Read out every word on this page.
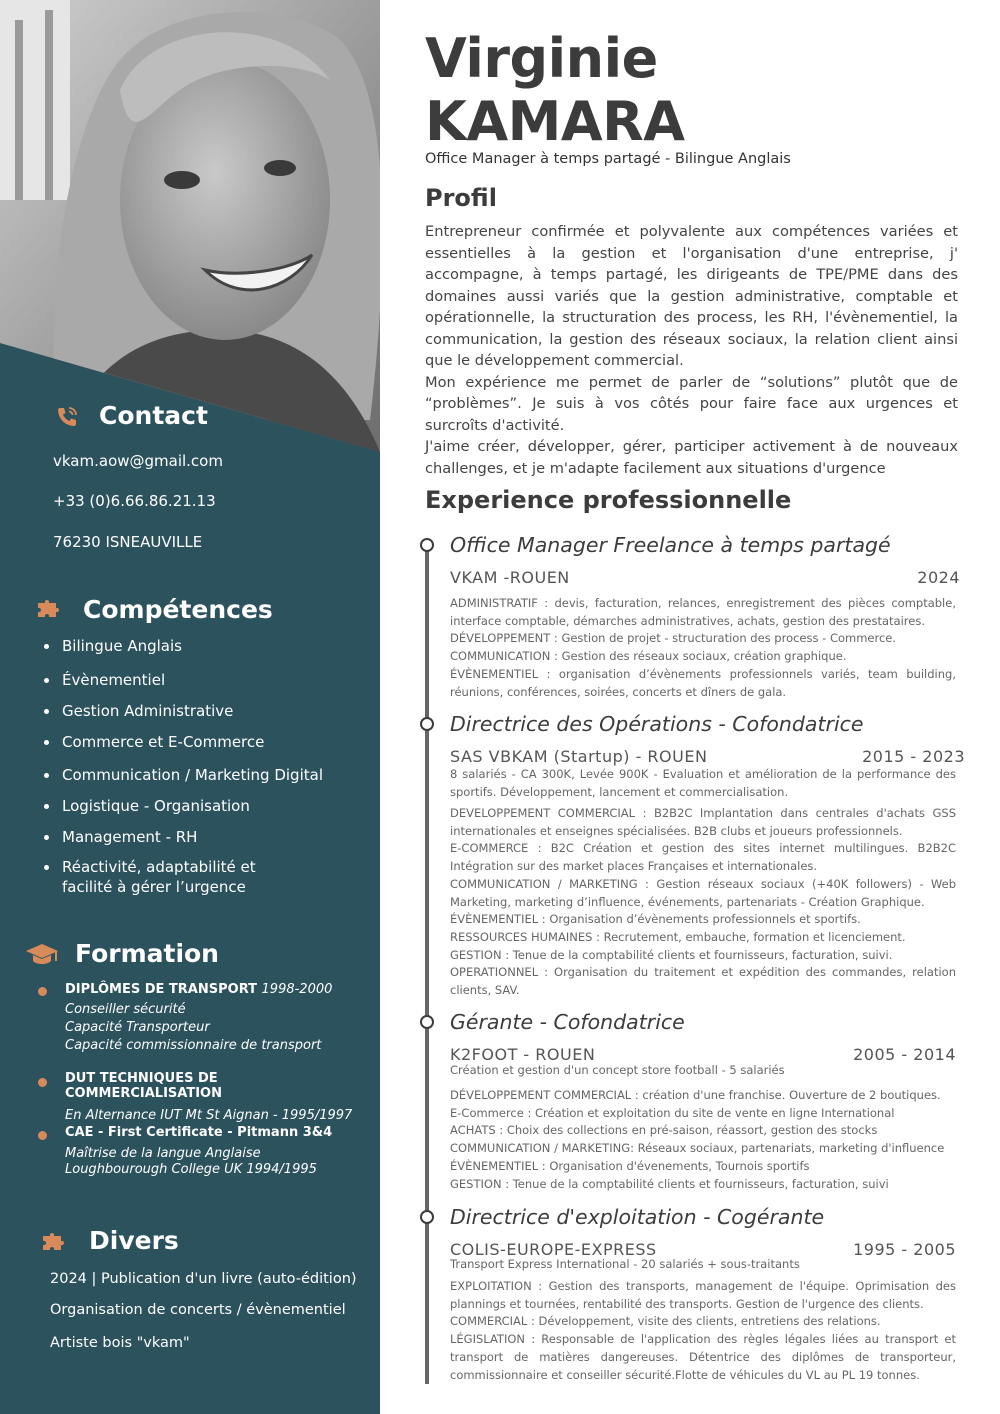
Contact
vkam.aow@gmail.com
+33 (0)6.66.86.21.13
76230 ISNEAUVILLE
Compétences
Bilingue Anglais
Évènementiel
Gestion Administrative
Commerce et E-Commerce
Communication / Marketing Digital
Logistique - Organisation
Management - RH
Réactivité, adaptabilité et facilité à gérer l’urgence
Formation
DIPLÔMES DE TRANSPORT 1998-2000
Conseiller sécurité
Capacité Transporteur
Capacité commissionnaire de transport
DUT TECHNIQUES DE COMMERCIALISATION
En Alternance IUT Mt St Aignan - 1995/1997
CAE - First Certificate - Pitmann 3&4
Maîtrise de la langue Anglaise
Loughbourough College UK 1994/1995
Divers
2024 | Publication d'un livre (auto-édition)
Organisation de concerts / évènementiel
Artiste bois "vkam"
Virginie
KAMARA
Office Manager à temps partagé - Bilingue Anglais
Profil

Entrepreneur confirmée et polyvalente aux compétences variées et essentielles à la gestion et l'organisation d'une entreprise, j' accompagne, à temps partagé, les dirigeants de TPE/PME dans des domaines aussi variés que la gestion administrative, comptable et opérationnelle, la structuration des process, les RH, l'évènementiel, la communication, la gestion des réseaux sociaux, la relation client ainsi que le développement commercial.

Mon expérience me permet de parler de “solutions” plutôt que de “problèmes”. Je suis à vos côtés pour faire face aux urgences et surcroîts d'activité.

J'aime créer, développer, gérer, participer activement à de nouveaux challenges, et je m'adapte facilement aux situations d'urgence

Experience professionnelle
Office Manager Freelance à temps partagé
VKAM -ROUEN	2024

ADMINISTRATIF : devis, facturation, relances, enregistrement des pièces comptable, interface comptable, démarches administratives, achats, gestion des prestataires.

DÉVELOPPEMENT : Gestion de projet - structuration des process - Commerce.

COMMUNICATION : Gestion des réseaux sociaux, création graphique.

ÉVÈNEMENTIEL : organisation d’évènements professionnels variés, team building, réunions, conférences, soirées, concerts et dîners de gala.

Directrice des Opérations - Cofondatrice
SAS VBKAM (Startup) - ROUEN	2015 - 2023

8 salariés - CA 300K, Levée 900K - Evaluation et amélioration de la performance des sportifs. Développement, lancement et commercialisation.

DEVELOPPEMENT COMMERCIAL : B2B2C Implantation dans centrales d'achats GSS internationales et enseignes spécialisées. B2B clubs et joueurs professionnels.

E-COMMERCE : B2C Création et gestion des sites internet multilingues. B2B2C Intégration sur des market places Françaises et internationales.

COMMUNICATION / MARKETING : Gestion réseaux sociaux (+40K followers) - Web Marketing, marketing d’influence, événements, partenariats - Création Graphique.

ÉVÈNEMENTIEL : Organisation d’évènements professionnels et sportifs.

RESSOURCES HUMAINES : Recrutement, embauche, formation et licenciement.

GESTION : Tenue de la comptabilité clients et fournisseurs, facturation, suivi.

OPERATIONNEL : Organisation du traitement et expédition des commandes, relation clients, SAV.

Gérante - Cofondatrice
K2FOOT - ROUEN	2005 - 2014

Création et gestion d'un concept store football - 5 salariés

DÉVELOPPEMENT COMMERCIAL : création d'une franchise. Ouverture de 2 boutiques.

E-Commerce : Création et exploitation du site de vente en ligne International

ACHATS : Choix des collections en pré-saison, réassort, gestion des stocks

COMMUNICATION / MARKETING: Réseaux sociaux, partenariats, marketing d'influence

ÉVÈNEMENTIEL : Organisation d'évenements, Tournois sportifs

GESTION : Tenue de la comptabilité clients et fournisseurs, facturation, suivi

Directrice d'exploitation - Cogérante
COLIS-EUROPE-EXPRESS	1995 - 2005

Transport Express International - 20 salariés + sous-traitants

EXPLOITATION : Gestion des transports, management de l'équipe. Oprimisation des plannings et tournées, rentabilité des transports. Gestion de l'urgence des clients.

COMMERCIAL : Développement, visite des clients, entretiens des relations.

LÉGISLATION : Responsable de l'application des règles légales liées au transport et transport de matières dangereuses. Détentrice des diplômes de transporteur, commissionnaire et conseiller sécurité.Flotte de véhicules du VL au PL 19 tonnes.
